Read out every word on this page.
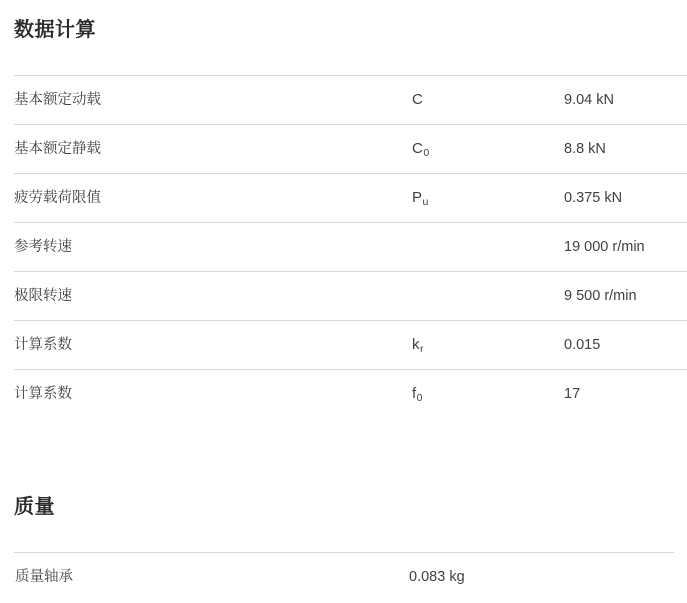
数据计算
基本额定动载	C	9.04 kN
基本额定静载	$C_0$	8.8 kN
疲劳载荷限值	$P_u$	0.375 kN
参考转速		19 000 r/min
极限转速		9 500 r/min
计算系数	$k_r$	0.015
计算系数	$f_0$	17
质量
质量轴承	0.083 kg
